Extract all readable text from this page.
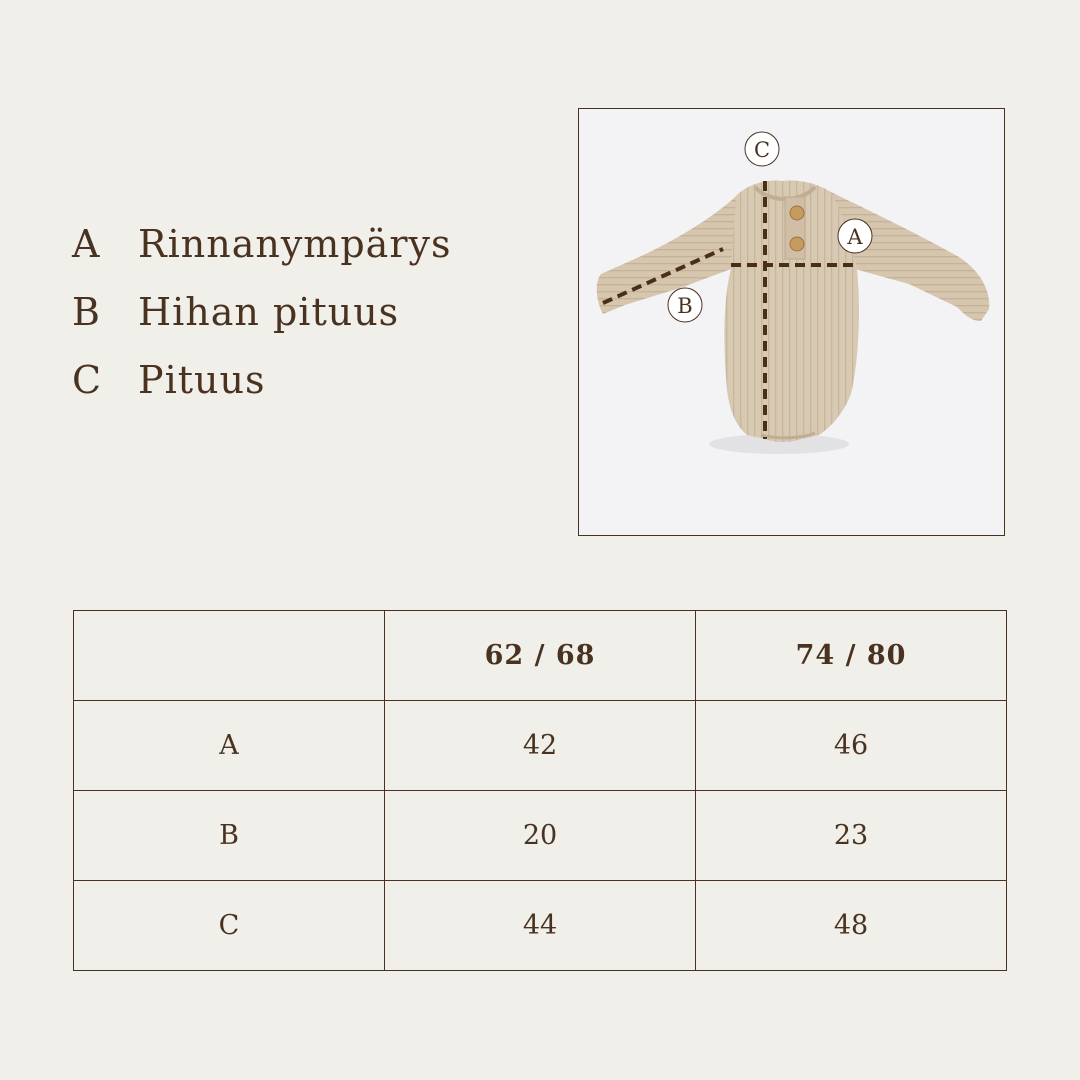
A Rinnanympärys
B Hihan pituus
C Pituus
C
A
B
	62 / 68	74 / 80
A	42	46
B	20	23
C	44	48
